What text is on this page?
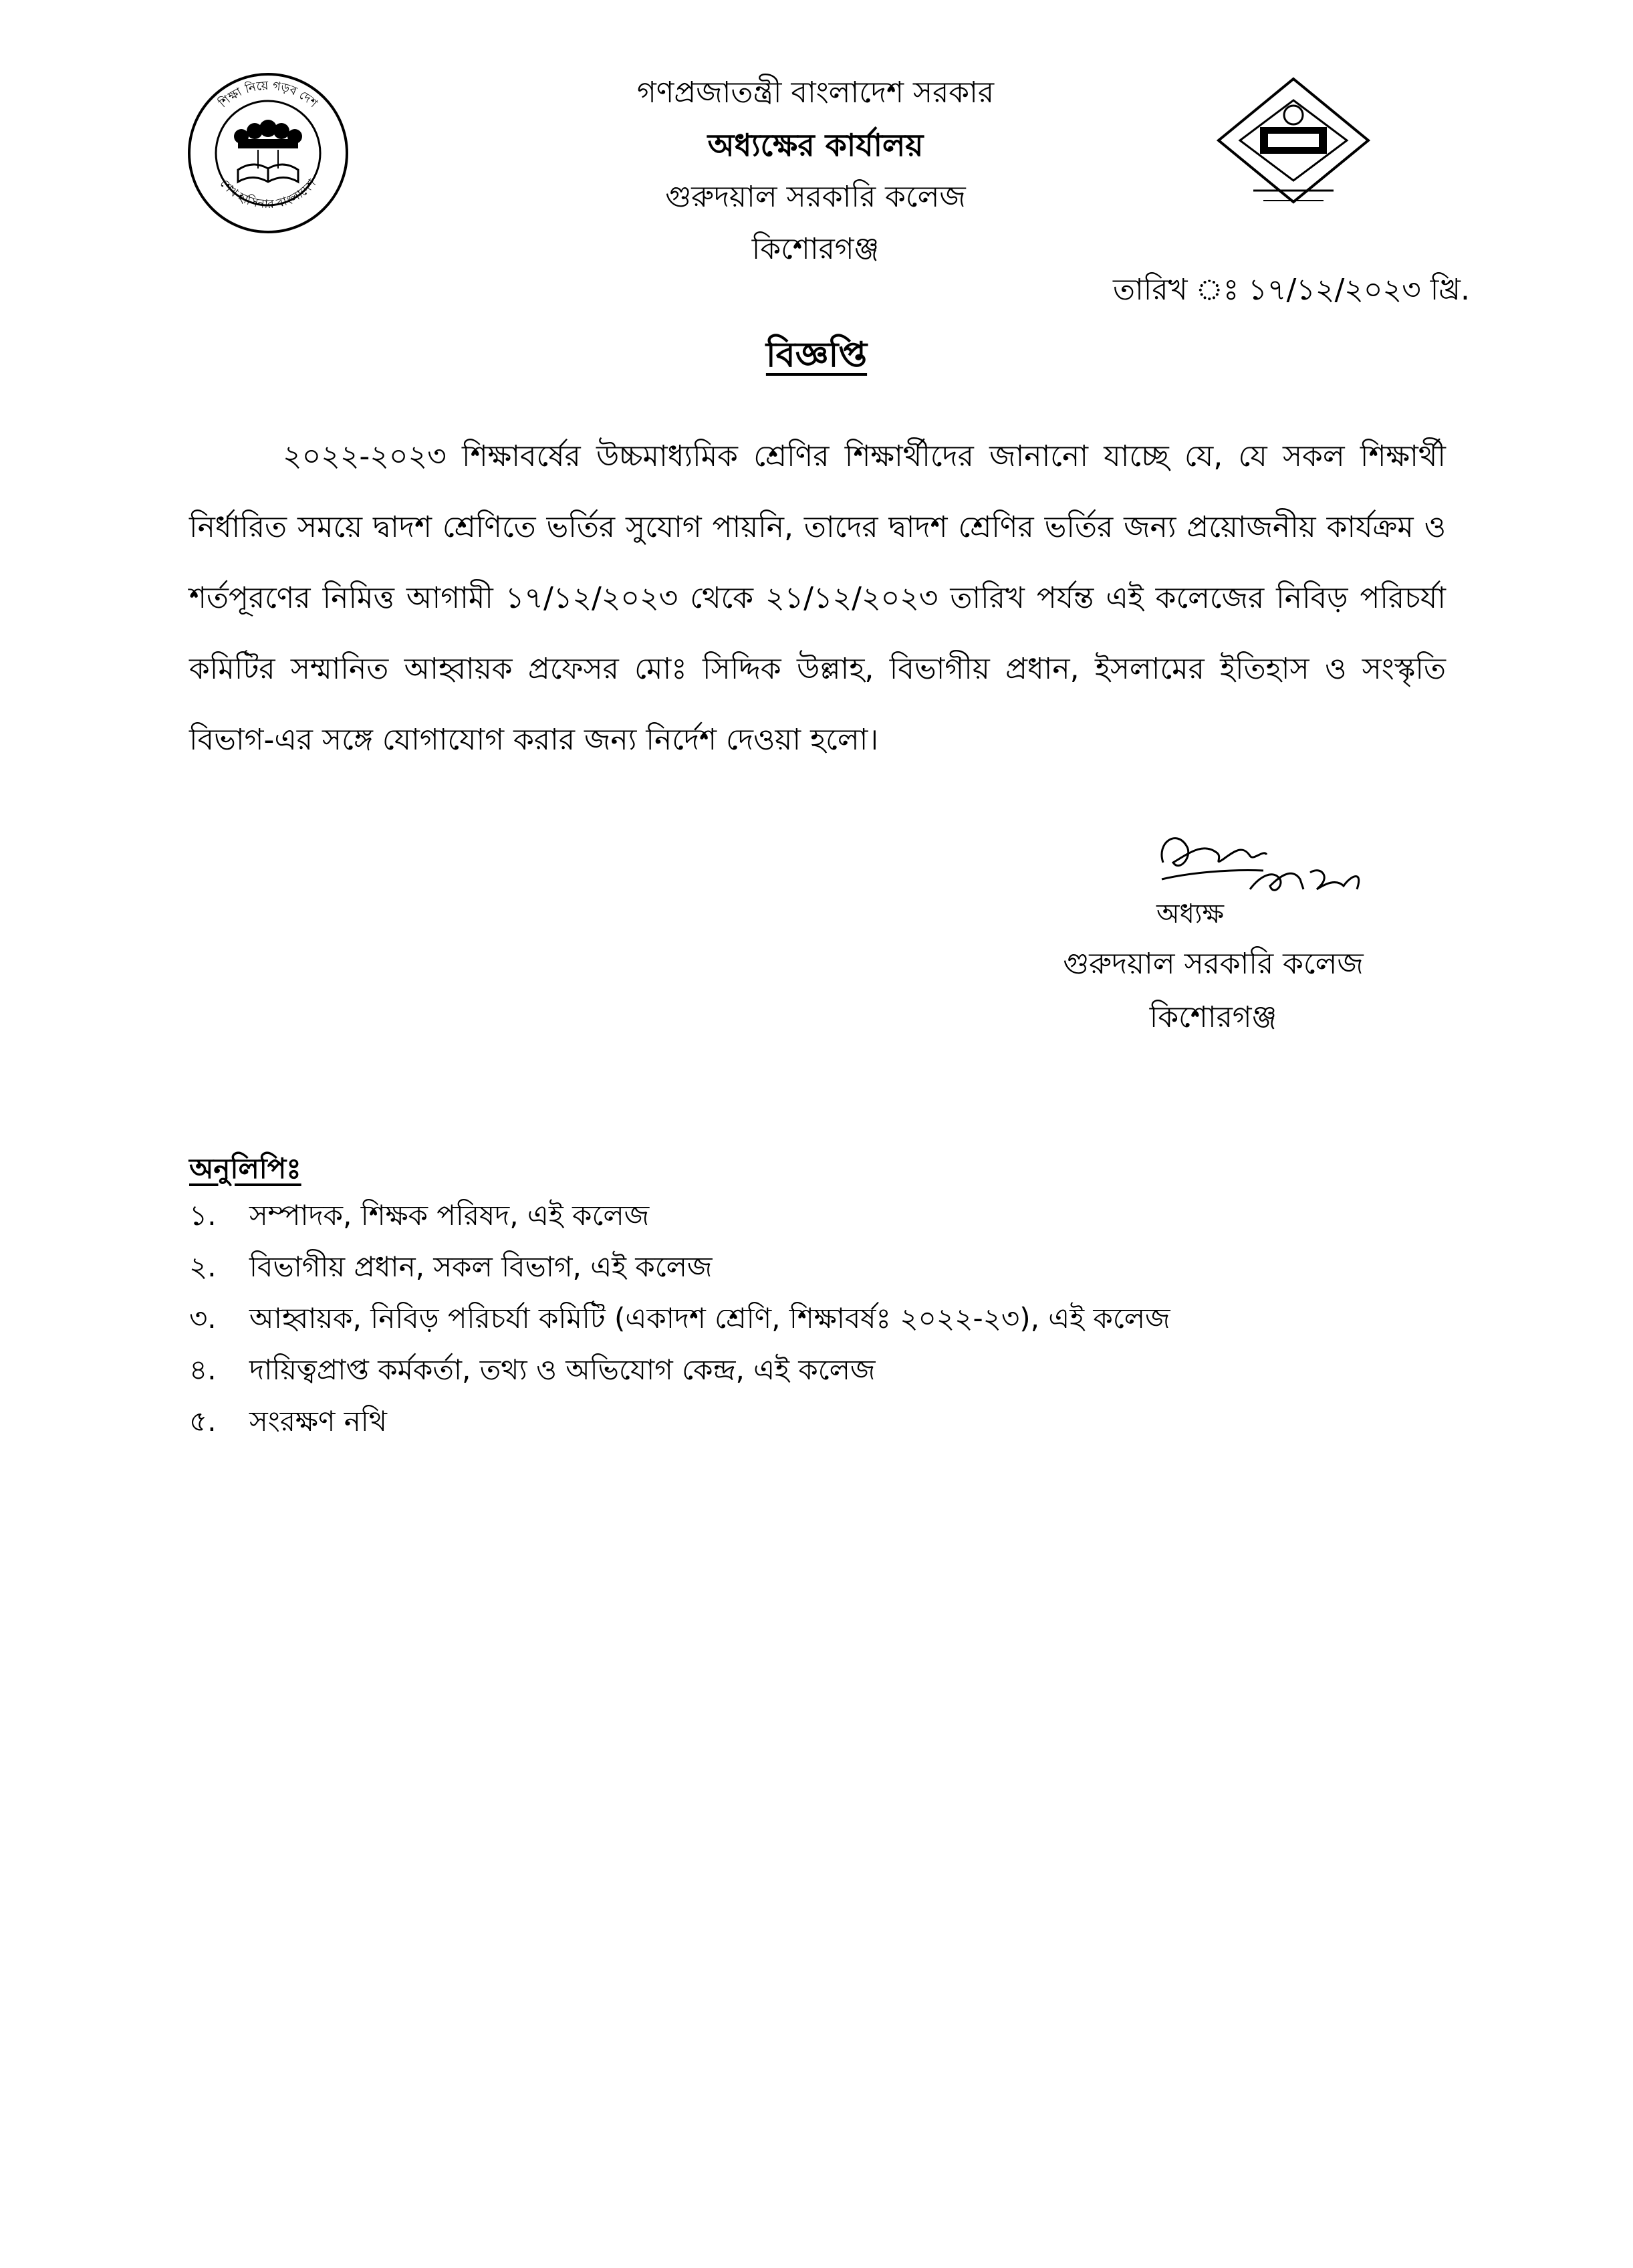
শিক্ষা নিয়ে গড়ব দেশ
শেখ হাসিনার বাংলাদেশ
গণপ্রজাতন্ত্রী বাংলাদেশ সরকার
অধ্যক্ষের কার্যালয়
গুরুদয়াল সরকারি কলেজ
কিশোরগঞ্জ
তারিখ ঃ ১৭/১২/২০২৩ খ্রি.
বিজ্ঞপ্তি
২০২২-২০২৩ শিক্ষাবর্ষের উচ্চমাধ্যমিক শ্রেণির শিক্ষার্থীদের জানানো যাচ্ছে যে, যে সকল শিক্ষার্থী নির্ধারিত সময়ে দ্বাদশ শ্রেণিতে ভর্তির সুযোগ পায়নি, তাদের দ্বাদশ শ্রেণির ভর্তির জন্য প্রয়োজনীয় কার্যক্রম ও শর্তপূরণের নিমিত্ত আগামী ১৭/১২/২০২৩ থেকে ২১/১২/২০২৩ তারিখ পর্যন্ত এই কলেজের নিবিড় পরিচর্যা কমিটির সম্মানিত আহ্বায়ক প্রফেসর মোঃ সিদ্দিক উল্লাহ, বিভাগীয় প্রধান, ইসলামের ইতিহাস ও সংস্কৃতি বিভাগ-এর সঙ্গে যোগাযোগ করার জন্য নির্দেশ দেওয়া হলো।
অধ্যক্ষ
গুরুদয়াল সরকারি কলেজ
কিশোরগঞ্জ
অনুলিপিঃ
১.	সম্পাদক, শিক্ষক পরিষদ, এই কলেজ
২.	বিভাগীয় প্রধান, সকল বিভাগ, এই কলেজ
৩.	আহ্বায়ক, নিবিড় পরিচর্যা কমিটি (একাদশ শ্রেণি, শিক্ষাবর্ষঃ ২০২২-২৩), এই কলেজ
৪.	দায়িত্বপ্রাপ্ত কর্মকর্তা, তথ্য ও অভিযোগ কেন্দ্র, এই কলেজ
৫.	সংরক্ষণ নথি
